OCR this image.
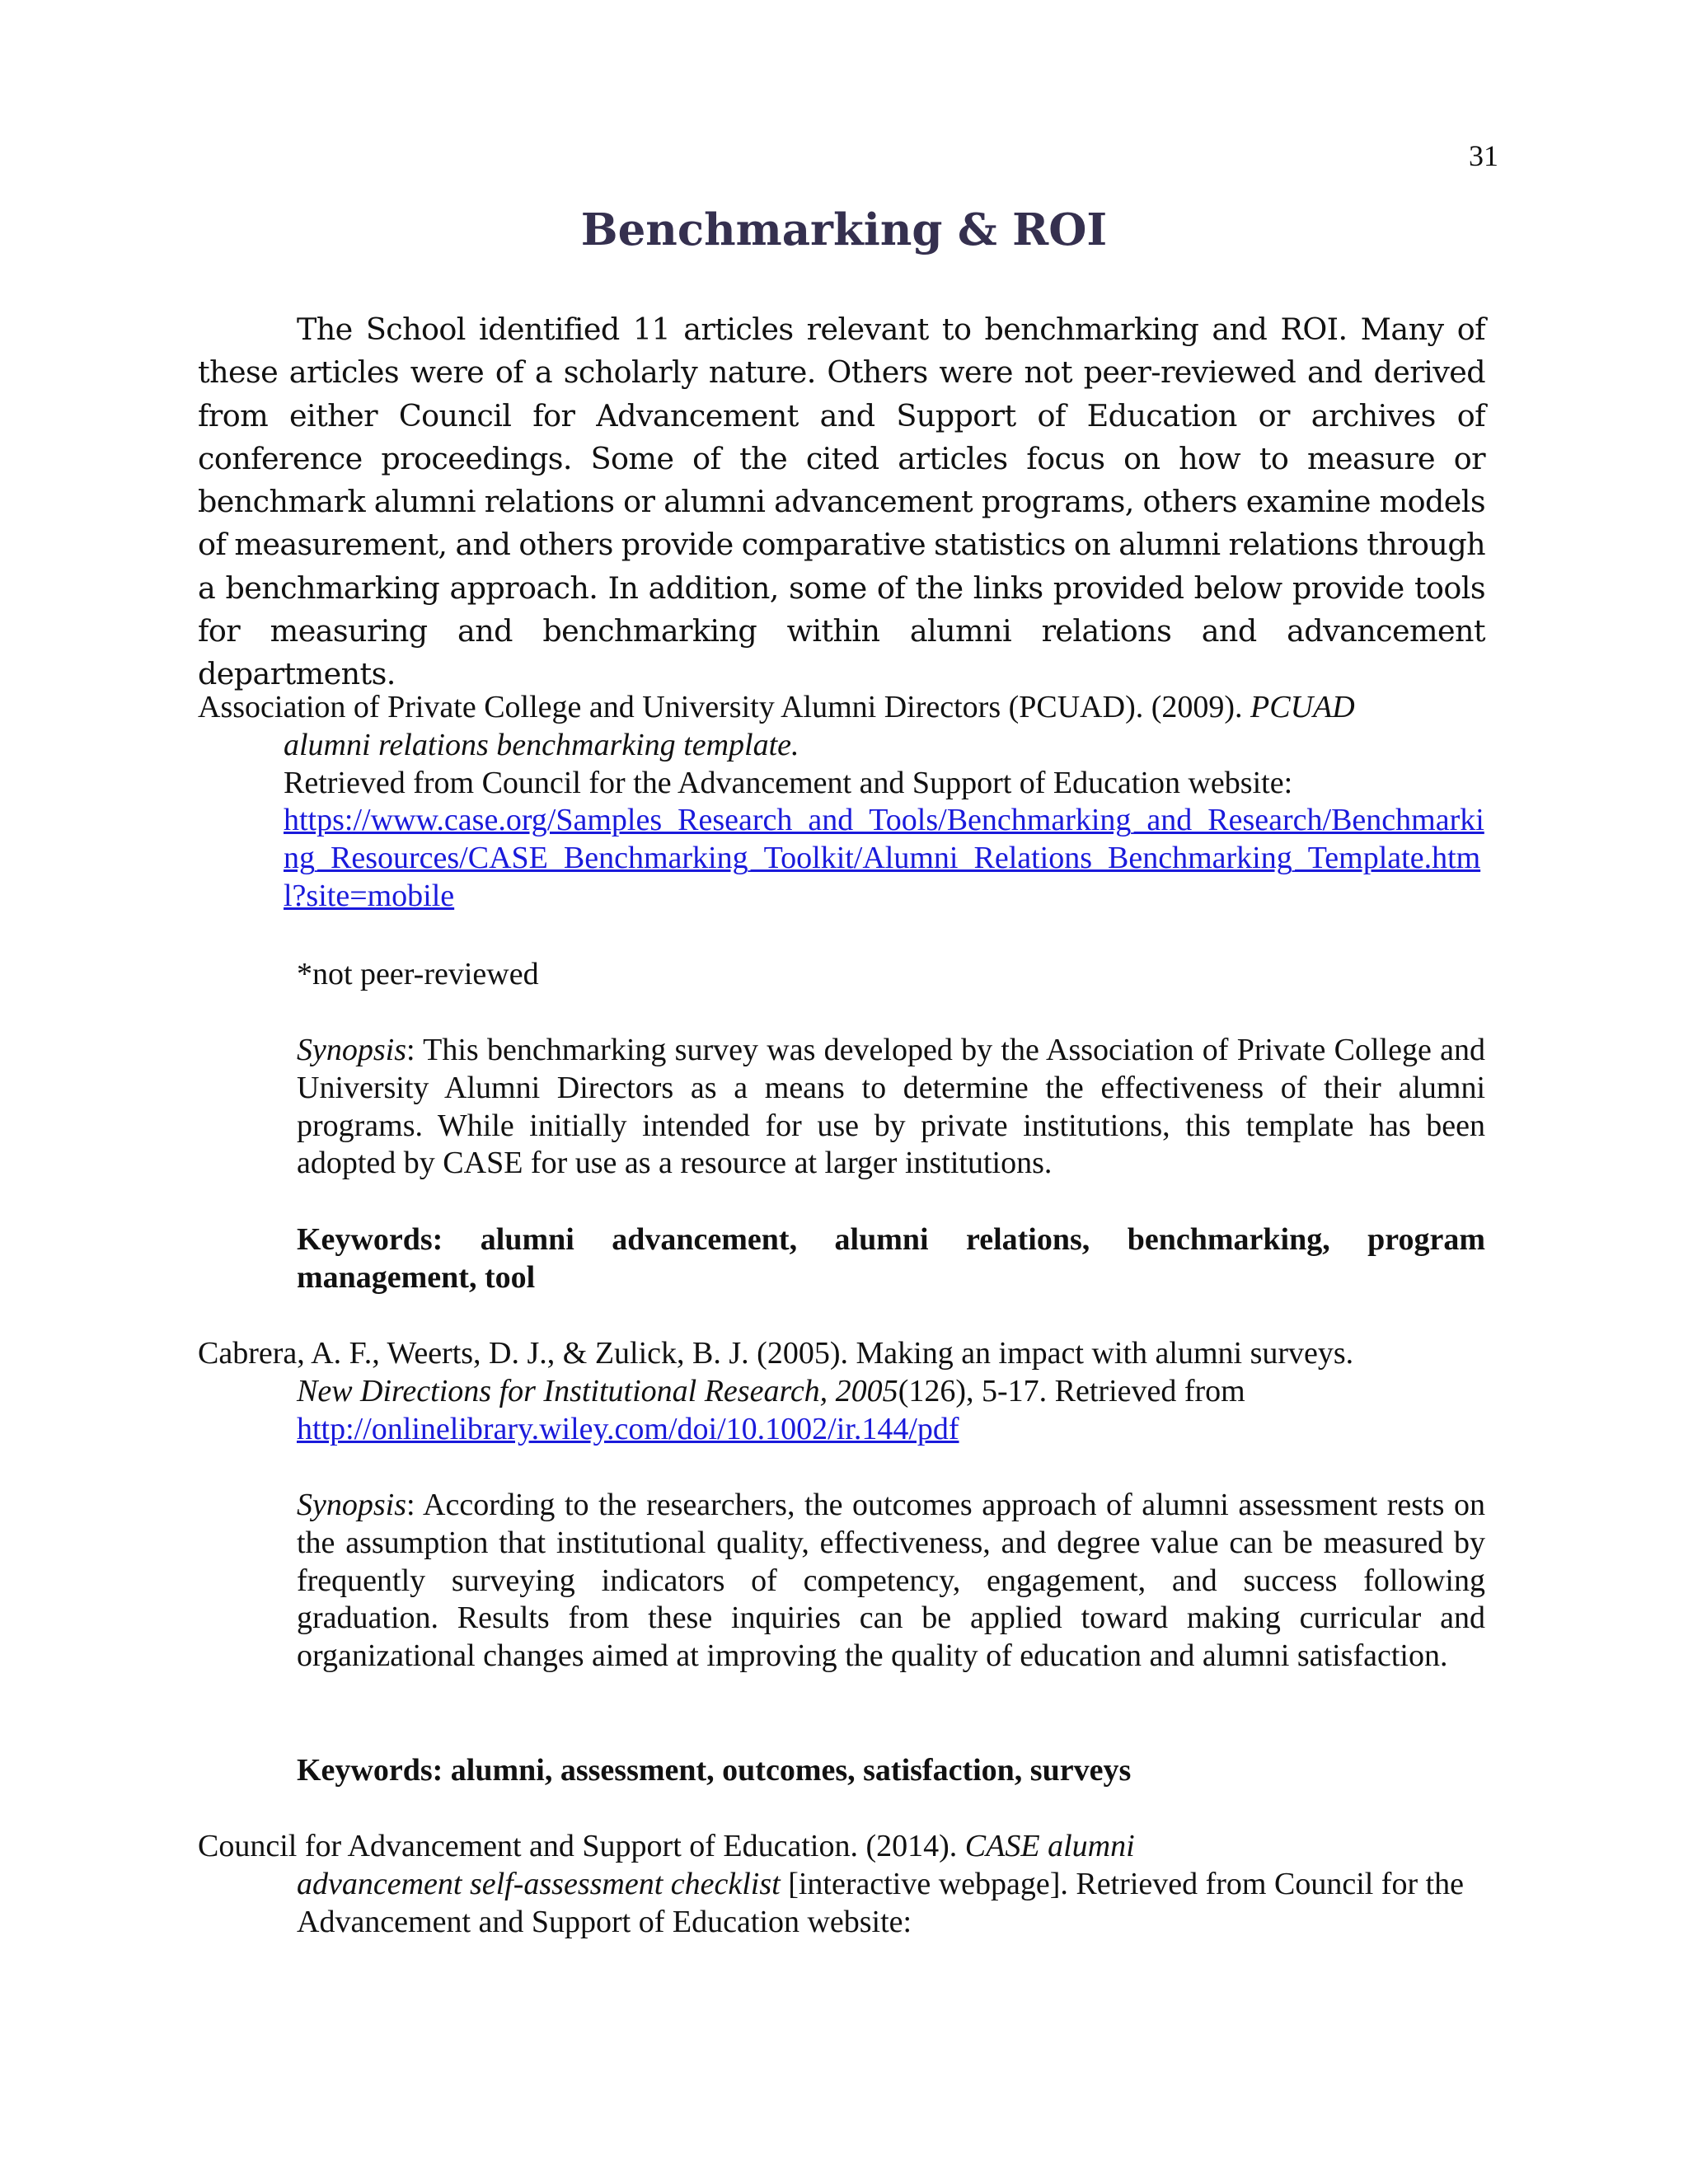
31
Benchmarking & ROI

The School identified 11 articles relevant to benchmarking and ROI. Many of these articles were of a scholarly nature. Others were not peer-reviewed and derived from either Council for Advancement and Support of Education or archives of conference proceedings. Some of the cited articles focus on how to measure or benchmark alumni relations or alumni advancement programs, others examine models of measurement, and others provide comparative statistics on alumni relations through a benchmarking approach. In addition, some of the links provided below provide tools for measuring and benchmarking within alumni relations and advancement departments.

Association of Private College and University Alumni Directors (PCUAD). (2009). PCUAD
alumni relations benchmarking template.
Retrieved from Council for the Advancement and Support of Education website:
https://www.case.org/Samples_Research_and_Tools/Benchmarking_and_Research/Benchmarking_Resources/CASE_Benchmarking_Toolkit/Alumni_Relations_Benchmarking_Template.html?site=mobile

*not peer-reviewed

Synopsis: This benchmarking survey was developed by the Association of Private College and University Alumni Directors as a means to determine the effectiveness of their alumni programs. While initially intended for use by private institutions, this template has been adopted by CASE for use as a resource at larger institutions.

Keywords: alumni advancement, alumni relations, benchmarking, program management, tool

Cabrera, A. F., Weerts, D. J., & Zulick, B. J. (2005). Making an impact with alumni surveys.
New Directions for Institutional Research, 2005(126), 5-17. Retrieved from
http://onlinelibrary.wiley.com/doi/10.1002/ir.144/pdf

Synopsis: According to the researchers, the outcomes approach of alumni assessment rests on the assumption that institutional quality, effectiveness, and degree value can be measured by frequently surveying indicators of competency, engagement, and success following graduation. Results from these inquiries can be applied toward making curricular and organizational changes aimed at improving the quality of education and alumni satisfaction.

Keywords: alumni, assessment, outcomes, satisfaction, surveys

Council for Advancement and Support of Education. (2014). CASE alumni
advancement self-assessment checklist [interactive webpage]. Retrieved from Council for the Advancement and Support of Education website:
